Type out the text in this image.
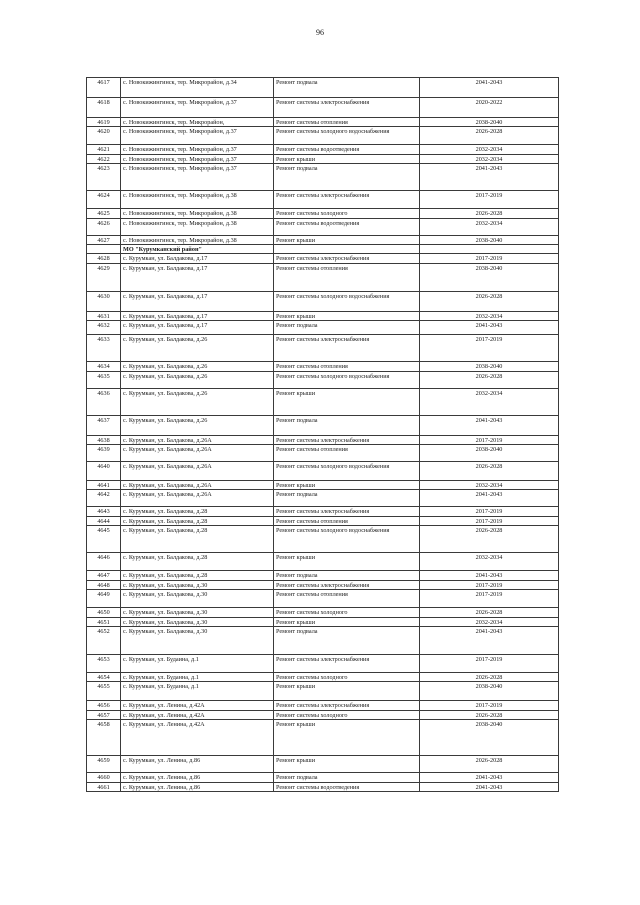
96
4617	с. Новокижингинск, тер. Микрорайон, д.34	Ремонт подвала	2041-2043
4618	с. Новокижингинск, тер. Микрорайон, д.37	Ремонт системы электроснабжения	2020-2022
4619	с. Новокижингинск, тер. Микрорайон,	Ремонт системы отопления	2038-2040
4620	с. Новокижингинск, тер. Микрорайон, д.37	Ремонт системы холодного водоснабжения	2026-2028
4621	с. Новокижингинск, тер. Микрорайон, д.37	Ремонт системы водоотведения	2032-2034
4622	с. Новокижингинск, тер. Микрорайон, д.37	Ремонт крыши	2032-2034
4623	с. Новокижингинск, тер. Микрорайон, д.37	Ремонт подвала	2041-2043
4624	с. Новокижингинск, тер. Микрорайон, д.38	Ремонт системы электроснабжения	2017-2019
4625	с. Новокижингинск, тер. Микрорайон, д.38	Ремонт системы холодного	2026-2028
4626	с. Новокижингинск, тер. Микрорайон, д.38	Ремонт системы водоотведения	2032-2034
4627	с. Новокижингинск, тер. Микрорайон, д.38	Ремонт крыши	2038-2040
	МО "Курумканский район"		
4628	с. Курумкан, ул. Балдакова, д.17	Ремонт системы электроснабжения	2017-2019
4629	с. Курумкан, ул. Балдакова, д.17	Ремонт системы отопления	2038-2040
4630	с. Курумкан, ул. Балдакова, д.17	Ремонт системы холодного водоснабжения	2026-2028
4631	с. Курумкан, ул. Балдакова, д.17	Ремонт крыши	2032-2034
4632	с. Курумкан, ул. Балдакова, д.17	Ремонт подвала	2041-2043
4633	с. Курумкан, ул. Балдакова, д.26	Ремонт системы электроснабжения	2017-2019
4634	с. Курумкан, ул. Балдакова, д.26	Ремонт системы отопления	2038-2040
4635	с. Курумкан, ул. Балдакова, д.26	Ремонт системы холодного водоснабжения	2026-2028
4636	с. Курумкан, ул. Балдакова, д.26	Ремонт крыши	2032-2034
4637	с. Курумкан, ул. Балдакова, д.26	Ремонт подвала	2041-2043
4638	с. Курумкан, ул. Балдакова, д.26А	Ремонт системы электроснабжения	2017-2019
4639	с. Курумкан, ул. Балдакова, д.26А	Ремонт системы отопления	2038-2040
4640	с. Курумкан, ул. Балдакова, д.26А	Ремонт системы холодного водоснабжения	2026-2028
4641	с. Курумкан, ул. Балдакова, д.26А	Ремонт крыши	2032-2034
4642	с. Курумкан, ул. Балдакова, д.26А	Ремонт подвала	2041-2043
4643	с. Курумкан, ул. Балдакова, д.28	Ремонт системы электроснабжения	2017-2019
4644	с. Курумкан, ул. Балдакова, д.28	Ремонт системы отопления	2017-2019
4645	с. Курумкан, ул. Балдакова, д.28	Ремонт системы холодного водоснабжения	2026-2028
4646	с. Курумкан, ул. Балдакова, д.28	Ремонт крыши	2032-2034
4647	с. Курумкан, ул. Балдакова, д.28	Ремонт подвала	2041-2043
4648	с. Курумкан, ул. Балдакова, д.30	Ремонт системы электроснабжения	2017-2019
4649	с. Курумкан, ул. Балдакова, д.30	Ремонт системы отопления	2017-2019
4650	с. Курумкан, ул. Балдакова, д.30	Ремонт системы холодного	2026-2028
4651	с. Курумкан, ул. Балдакова, д.30	Ремонт крыши	2032-2034
4652	с. Курумкан, ул. Балдакова, д.30	Ремонт подвала	2041-2043
4653	с. Курумкан, ул. Будаина, д.1	Ремонт системы электроснабжения	2017-2019
4654	с. Курумкан, ул. Буданна, д.1	Ремонт системы холодного	2026-2028
4655	с. Курумкан, ул. Буданна, д.1	Ремонт крыши	2038-2040
4656	с. Курумкан, ул. Ленина, д.42А	Ремонт системы электроснабжения	2017-2019
4657	с. Курумкан, ул. Ленина, д.42А	Ремонт системы холодного	2026-2028
4658	с. Курумкан, ул. Ленина, д.42А	Ремонт крыши	2038-2040
4659	с. Курумкан, ул. Ленина, д.86	Ремонт крыши	2026-2028
4660	с. Курумкан, ул. Ленина, д.86	Ремонт подвала	2041-2043
4661	с. Курумкан, ул. Ленина, д.86	Ремонт системы водоотведения	2041-2043
